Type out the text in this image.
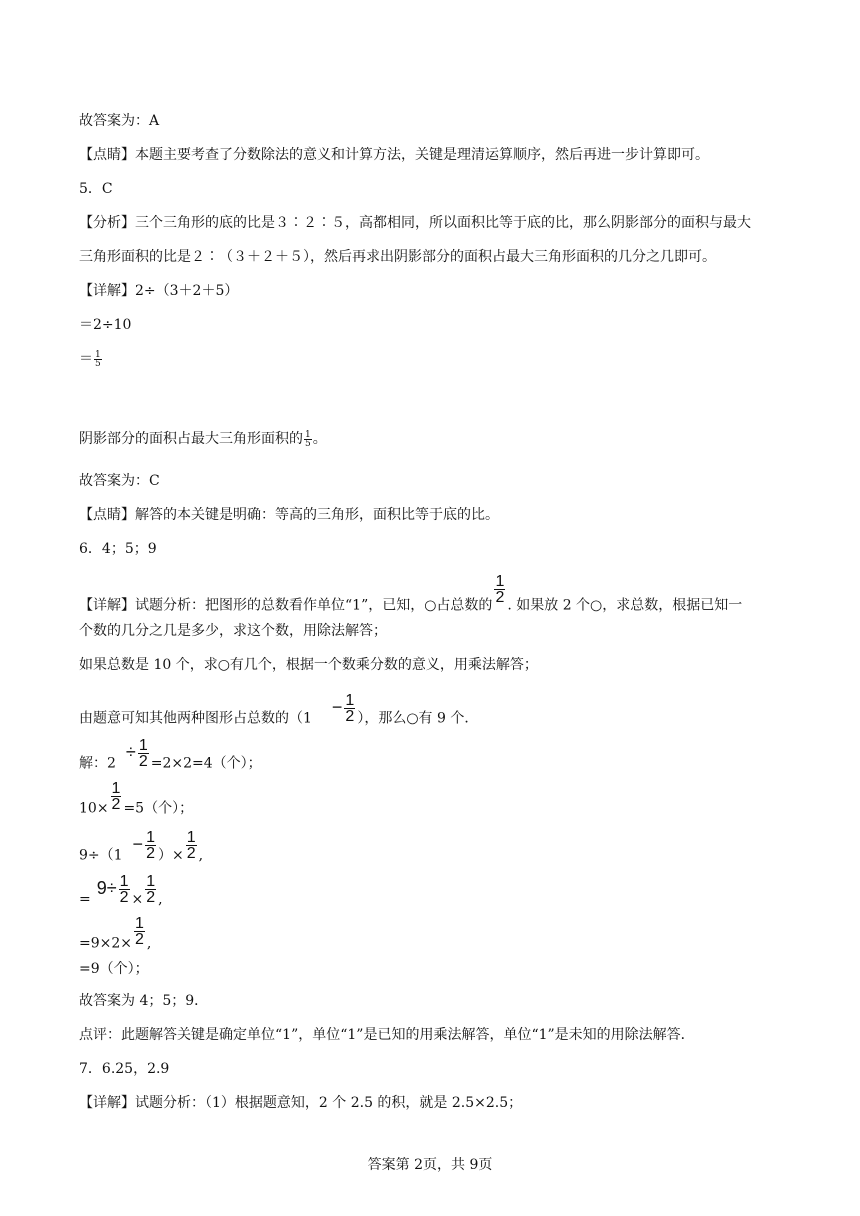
故答案为：A
【点睛】本题主要考查了分数除法的意义和计算方法，关键是理清运算顺序，然后再进一步计算即可。
5．C
【分析】三个三角形的底的比是３∶２∶５，高都相同，所以面积比等于底的比，那么阴影部分的面积与最大
三角形面积的比是２∶（３＋２＋５），然后再求出阴影部分的面积占最大三角形面积的几分之几即可。
【详解】2÷（3＋2＋5）
＝2÷10
＝ $\frac{1}{5}$
阴影部分的面积占最大三角形面积的 $\frac{1}{5}$ 。
故答案为：C
【点睛】解答的本关键是明确：等高的三角形，面积比等于底的比。
6．4；5；9
【详解】试题分析：把图形的总数看作单位“1”，已知，○占总数的
$\frac{1}{2}$
. 如果放 2 个○，求总数，根据已知一
个数的几分之几是多少，求这个数，用除法解答；
如果总数是 10 个，求○有几个，根据一个数乘分数的意义，用乘法解答；
由题意可知其他两种图形占总数的（$1- \frac{1}{2}$ ），那么○有 9 个．
解：$2\div \frac{1}{2} =2\times 2=4$（个）；
$10\times \frac{1}{2} =5$（个）；
$9\div(1- \frac{1}{2}$ ）× $\frac{1}{2}$ ,
$=9\div \frac{1}{2} \times \frac{1}{2}$ ,
$=9\times 2\times \frac{1}{2}$ ,
=9（个）；
故答案为 4；5；9．
点评：此题解答关键是确定单位“1”，单位“1”是已知的用乘法解答，单位“1”是未知的用除法解答．
7．6.25，2.9
【详解】试题分析：（1）根据题意知，2 个 2.5 的积，就是 2.5×2.5；
答案第 2页，共 9页
